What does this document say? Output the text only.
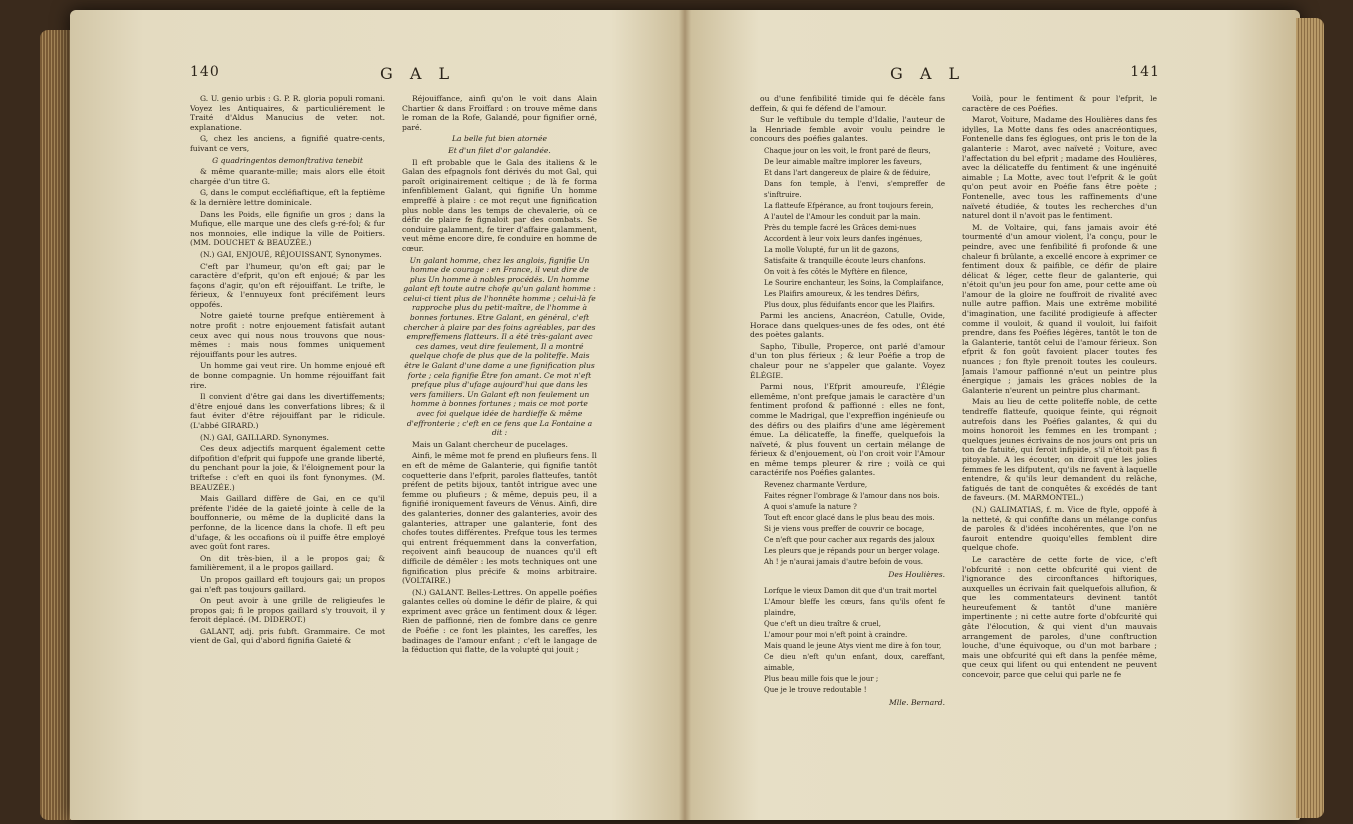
140	G A L

G. U. genio urbis : G. P. R. gloria populi romani. Voyez les Antiquaires, & particuliérement le Traité d'Aldus Manucius de veter. not. explanatione.

G, chez les anciens, a fignifié quatre-cents, fuivant ce vers,

G quadringentos demonftrativa tenebit

& même quarante-mille; mais alors elle étoit chargée d'un titre G.

G, dans le comput eccléfiaftique, eft la feptième & la dernière lettre dominicale.

Dans les Poids, elle fignifie un gros ; dans la Mufique, elle marque une des clefs g-ré-fol; & fur nos monnoies, elle indique la ville de Poitiers. (MM. DOUCHET & BEAUZÉE.)

(N.) GAI, ENJOUÉ, RÉJOUISSANT, Synonymes.

C'eft par l'humeur, qu'on eft gai; par le caractère d'efprit, qu'on eft enjoué; & par les façons d'agir, qu'on eft réjouiffant. Le trifte, le férieux, & l'ennuyeux font précifément leurs oppofés.

Notre gaieté tourne prefque entièrement à notre profit : notre enjouement fatisfait autant ceux avec qui nous nous trouvons que nous-mêmes : mais nous fommes uniquement réjouiffants pour les autres.

Un homme gai veut rire. Un homme enjoué eft de bonne compagnie. Un homme réjouiffant fait rire.

Il convient d'être gai dans les divertiffements; d'être enjoué dans les converfations libres; & il faut éviter d'être réjouiffant par le ridicule. (L'abbé GIRARD.)

(N.) GAI, GAILLARD. Synonymes.

Ces deux adjectifs marquent également cette difpofition d'efprit qui fuppofe une grande liberté, du penchant pour la joie, & l'éloignement pour la triftefse : c'eft en quoi ils font fynonymes. (M. BEAUZÉE.)

Mais Gaillard diffère de Gai, en ce qu'il préfente l'idée de la gaieté jointe à celle de la bouffonnerie, ou même de la duplicité dans la perfonne, de la licence dans la chofe. Il eft peu d'ufage, & les occafions où il puiffe être employé avec goût font rares.

On dit très-bien, il a le propos gai; & familièrement, il a le propos gaillard.

Un propos gaillard eft toujours gai; un propos gai n'eft pas toujours gaillard.

On peut avoir à une grille de religieufes le propos gai; fi le propos gaillard s'y trouvoit, il y feroit déplacé. (M. DIDEROT.)

GALANT, adj. pris fubft. Grammaire. Ce mot vient de Gal, qui d'abord fignifia Gaieté &

Réjouiffance, ainfi qu'on le voit dans Alain Chartier & dans Froiffard : on trouve même dans le roman de la Rofe, Galandé, pour fignifier orné, paré.

La belle fut bien atornée

Et d'un filet d'or galandée.

Il eft probable que le Gala des italiens & le Galan des efpagnols font dérivés du mot Gal, qui paroît originairement celtique ; de là fe forma infenfiblement Galant, qui fignifie Un homme empreffé à plaire : ce mot reçut une fignification plus noble dans les temps de chevalerie, où ce défir de plaire fe fignaloit par des combats. Se conduire galamment, fe tirer d'affaire galamment, veut même encore dire, fe conduire en homme de cœur.

Un galant homme, chez les anglois, fignifie Un homme de courage : en France, il veut dire de plus Un homme à nobles procédés. Un homme galant eft toute autre chofe qu'un galant homme : celui-ci tient plus de l'honnête homme ; celui-là fe rapproche plus du petit-maître, de l'homme à bonnes fortunes. Etre Galant, en général, c'eft chercher à plaire par des foins agréables, par des empreffemens flatteurs. Il a été très-galant avec ces dames, veut dire feulement, Il a montré quelque chofe de plus que de la politeffe. Mais être le Galant d'une dame a une fignification plus forte ; cela fignifie Être fon amant. Ce mot n'eft prefque plus d'ufage aujourd'hui que dans les vers familiers. Un Galant eft non feulement un homme à bonnes fortunes ; mais ce mot porte avec foi quelque idée de hardieffe & même d'effronterie ; c'eft en ce fens que La Fontaine a dit :

Mais un Galant chercheur de pucelages.

Ainfi, le même mot fe prend en plufieurs fens. Il en eft de même de Galanterie, qui fignifie tantôt coquetterie dans l'efprit, paroles flatteufes, tantôt préfent de petits bijoux, tantôt intrigue avec une femme ou plufieurs ; & même, depuis peu, il a fignifié ironiquement faveurs de Vénus. Ainfi, dire des galanteries, donner des galanteries, avoir des galanteries, attraper une galanterie, font des chofes toutes différentes. Prefque tous les termes qui entrent fréquemment dans la converfation, reçoivent ainfi beaucoup de nuances qu'il eft difficile de démêler : les mots techniques ont une fignification plus précife & moins arbitraire. (VOLTAIRE.)

(N.) GALANT. Belles-Lettres. On appelle poéfies galantes celles où domine le défir de plaire, & qui expriment avec grâce un fentiment doux & léger. Rien de paffionné, rien de fombre dans ce genre de Poéfie : ce font les plaintes, les careffes, les badinages de l'amour enfant ; c'eft le langage de la féduction qui flatte, de la volupté qui jouit ;

G A L	141

ou d'une fenfibilité timide qui fe décèle fans deffein, & qui fe défend de l'amour.

Sur le veftibule du temple d'Idalie, l'auteur de la Henriade femble avoir voulu peindre le concours des poéfies galantes.

Chaque jour on les voit, le front paré de fleurs,

De leur aimable maître implorer les faveurs,

Et dans l'art dangereux de plaire & de féduire,

Dans fon temple, à l'envi, s'empreffer de s'inftruire.

La flatteufe Efpérance, au front toujours ferein,

A l'autel de l'Amour les conduit par la main.

Près du temple facré les Grâces demi-nues

Accordent à leur voix leurs danfes ingénues,

La molle Volupté, fur un lit de gazons,

Satisfaite & tranquille écoute leurs chanfons.

On voit à fes côtés le Myftère en filence,

Le Sourire enchanteur, les Soins, la Complaifance,

Les Plaifirs amoureux, & les tendres Défirs,

Plus doux, plus féduifants encor que les Plaifirs.

Parmi les anciens, Anacréon, Catulle, Ovide, Horace dans quelques-unes de fes odes, ont été des poètes galants.

Sapho, Tibulle, Properce, ont parlé d'amour d'un ton plus férieux ; & leur Poéfie a trop de chaleur pour ne s'appeler que galante. Voyez ÉLÉGIE.

Parmi nous, l'Efprit amoureufe, l'Élégie ellemême, n'ont prefque jamais le caractère d'un fentiment profond & paffionné : elles ne font, comme le Madrigal, que l'expreffion ingénieufe ou des défirs ou des plaifirs d'une ame légèrement émue. La délicateffe, la fineffe, quelquefois la naïveté, & plus fouvent un certain mélange de férieux & d'enjouement, où l'on croit voir l'Amour en même temps pleurer & rire ; voilà ce qui caractérife nos Poéfies galantes.

Revenez charmante Verdure,

Faites régner l'ombrage & l'amour dans nos bois.

A quoi s'amufe la nature ?

Tout eft encor glacé dans le plus beau des mois.

Si je viens vous preffer de couvrir ce bocage,

Ce n'eft que pour cacher aux regards des jaloux

Les pleurs que je répands pour un berger volage.

Ah ! je n'aurai jamais d'autre befoin de vous.

Des Houlières.

Lorfque le vieux Damon dit que d'un trait mortel

L'Amour bleffe les cœurs, fans qu'ils ofent fe plaindre,

Que c'eft un dieu traître & cruel,

L'amour pour moi n'eft point à craindre.

Mais quand le jeune Atys vient me dire à fon tour,

Ce dieu n'eft qu'un enfant, doux, careffant, aimable,

Plus beau mille fois que le jour ;

Que je le trouve redoutable !

Mlle. Bernard.

Voilà, pour le fentiment & pour l'efprit, le caractère de ces Poéfies.

Marot, Voiture, Madame des Houlières dans fes idylles, La Motte dans fes odes anacréontiques, Fontenelle dans fes églogues, ont pris le ton de la galanterie : Marot, avec naïveté ; Voiture, avec l'affectation du bel efprit ; madame des Houlières, avec la délicateffe du fentiment & une ingénuité aimable ; La Motte, avec tout l'efprit & le goût qu'on peut avoir en Poéfie fans être poète ; Fontenelle, avec tous les raffinements d'une naïveté étudiée, & toutes les recherches d'un naturel dont il n'avoit pas le fentiment.

M. de Voltaire, qui, fans jamais avoir été tourmenté d'un amour violent, l'a conçu, pour le peindre, avec une fenfibilité fi profonde & une chaleur fi brûlante, a excellé encore à exprimer ce fentiment doux & paifible, ce défir de plaire délicat & léger, cette fleur de galanterie, qui n'étoit qu'un jeu pour fon ame, pour cette ame où l'amour de la gloire ne fouffroit de rivalité avec nulle autre paffion. Mais une extrême mobilité d'imagination, une facilité prodigieufe à affecter comme il vouloit, & quand il vouloit, lui faifoit prendre, dans fes Poéfies légères, tantôt le ton de la Galanterie, tantôt celui de l'amour férieux. Son efprit & fon goût favoient placer toutes fes nuances ; fon ftyle prenoit toutes les couleurs. Jamais l'amour paffionné n'eut un peintre plus énergique ; jamais les grâces nobles de la Galanterie n'eurent un peintre plus charmant.

Mais au lieu de cette politeffe noble, de cette tendreffe flatteufe, quoique feinte, qui régnoit autrefois dans les Poéfies galantes, & qui du moins honoroit les femmes en les trompant ; quelques jeunes écrivains de nos jours ont pris un ton de fatuité, qui feroit infipide, s'il n'étoit pas fi pitoyable. A les écouter, on diroit que les jolies femmes fe les difputent, qu'ils ne favent à laquelle entendre, & qu'ils leur demandent du relâche, fatigués de tant de conquêtes & excédés de tant de faveurs. (M. MARMONTEL.)

(N.) GALIMATIAS, f. m. Vice de ftyle, oppofé à la netteté, & qui confifte dans un mélange confus de paroles & d'idées incohérentes, que l'on ne fauroit entendre quoiqu'elles femblent dire quelque chofe.

Le caractère de cette forte de vice, c'eft l'obfcurité : non cette obfcurité qui vient de l'ignorance des circonftances hiftoriques, auxquelles un écrivain fait quelquefois allufion, & que les commentateurs devinent tantôt heureufement & tantôt d'une manière impertinente ; ni cette autre forte d'obfcurité qui gâte l'élocution, & qui vient d'un mauvais arrangement de paroles, d'une conftruction louche, d'une équivoque, ou d'un mot barbare ; mais une obfcurité qui eft dans la penfée même, que ceux qui lifent ou qui entendent ne peuvent concevoir, parce que celui qui parle ne fe
